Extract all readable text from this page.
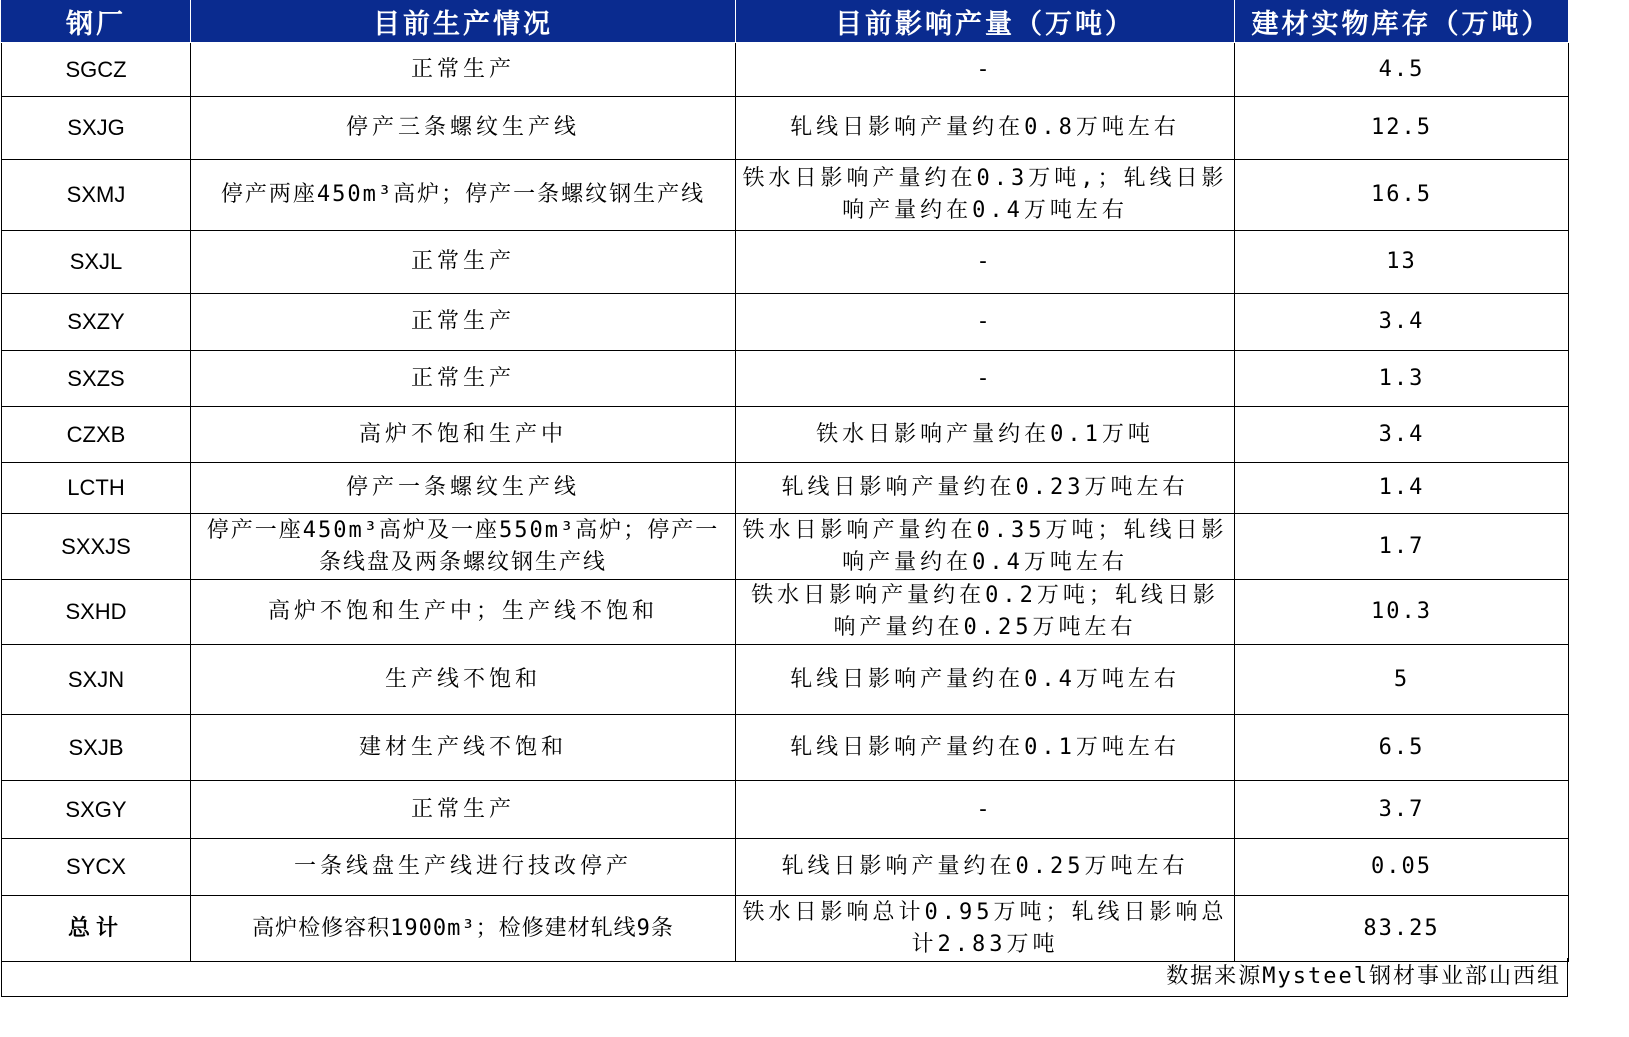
钢厂	目前生产情况	目前影响产量（万吨）	建材实物库存（万吨）
SGCZ	正常生产	-	4.5
SXJG	停产三条螺纹生产线	轧线日影响产量约在0.8万吨左右	12.5
SXMJ	停产两座450m³高炉；停产一条螺纹钢生产线	铁水日影响产量约在0.3万吨,；轧线日影响产量约在0.4万吨左右	16.5
SXJL	正常生产	-	13
SXZY	正常生产	-	3.4
SXZS	正常生产	-	1.3
CZXB	高炉不饱和生产中	铁水日影响产量约在0.1万吨	3.4
LCTH	停产一条螺纹生产线	轧线日影响产量约在0.23万吨左右	1.4
SXXJS	停产一座450m³高炉及一座550m³高炉；停产一条线盘及两条螺纹钢生产线	铁水日影响产量约在0.35万吨；轧线日影响产量约在0.4万吨左右	1.7
SXHD	高炉不饱和生产中；生产线不饱和	铁水日影响产量约在0.2万吨；轧线日影响产量约在0.25万吨左右	10.3
SXJN	生产线不饱和	轧线日影响产量约在0.4万吨左右	5
SXJB	建材生产线不饱和	轧线日影响产量约在0.1万吨左右	6.5
SXGY	正常生产	-	3.7
SYCX	一条线盘生产线进行技改停产	轧线日影响产量约在0.25万吨左右	0.05
总计	高炉检修容积1900m³；检修建材轧线9条	铁水日影响总计0.95万吨；轧线日影响总计2.83万吨	83.25
数据来源Mysteel钢材事业部山西组
